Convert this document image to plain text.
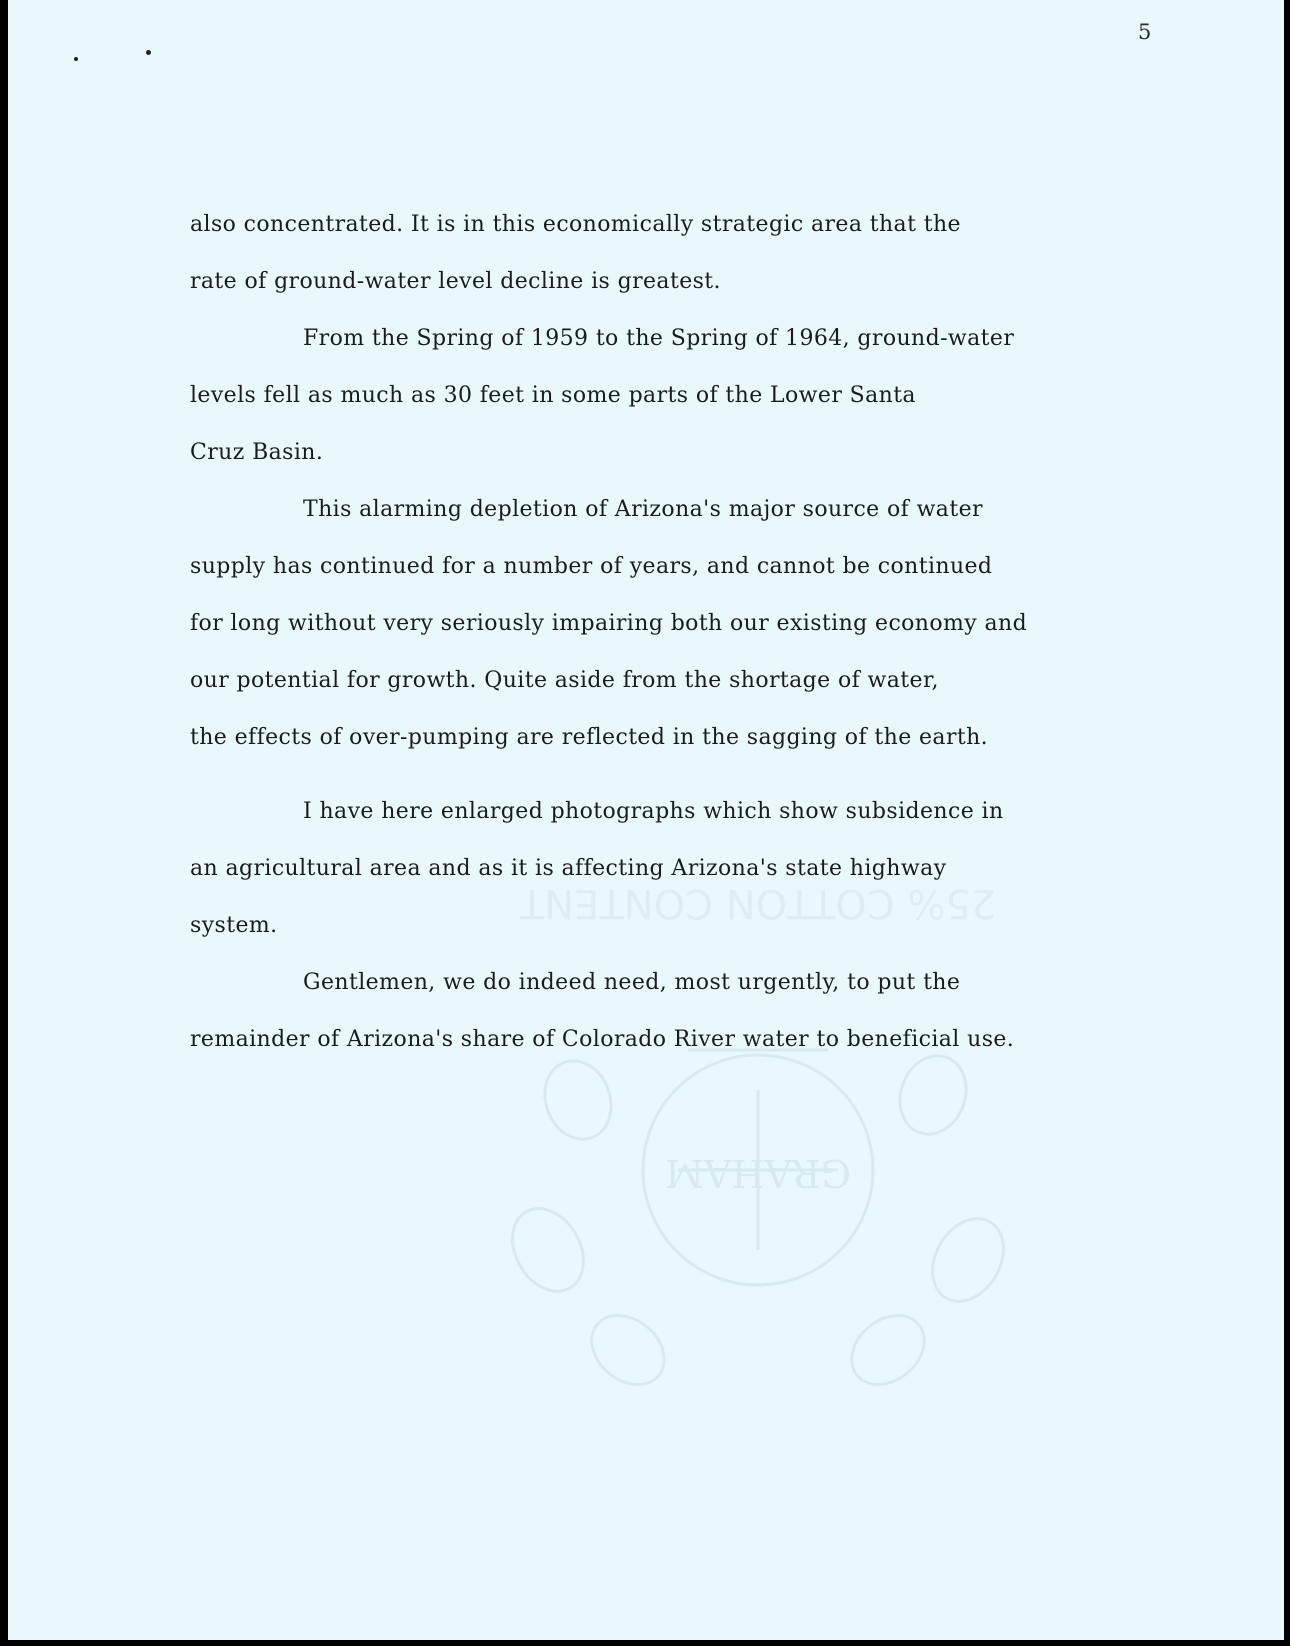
GRAHAM
25% COTTON CONTENT
5
also concentrated. It is in this economically strategic area that the
rate of ground-water level decline is greatest.
From the Spring of 1959 to the Spring of 1964, ground-water
levels fell as much as 30 feet in some parts of the Lower Santa
Cruz Basin.
This alarming depletion of Arizona's major source of water
supply has continued for a number of years, and cannot be continued
for long without very seriously impairing both our existing economy and
our potential for growth. Quite aside from the shortage of water,
the effects of over-pumping are reflected in the sagging of the earth.
I have here enlarged photographs which show subsidence in
an agricultural area and as it is affecting Arizona's state highway
system.
Gentlemen, we do indeed need, most urgently, to put the
remainder of Arizona's share of Colorado River water to beneficial use.
